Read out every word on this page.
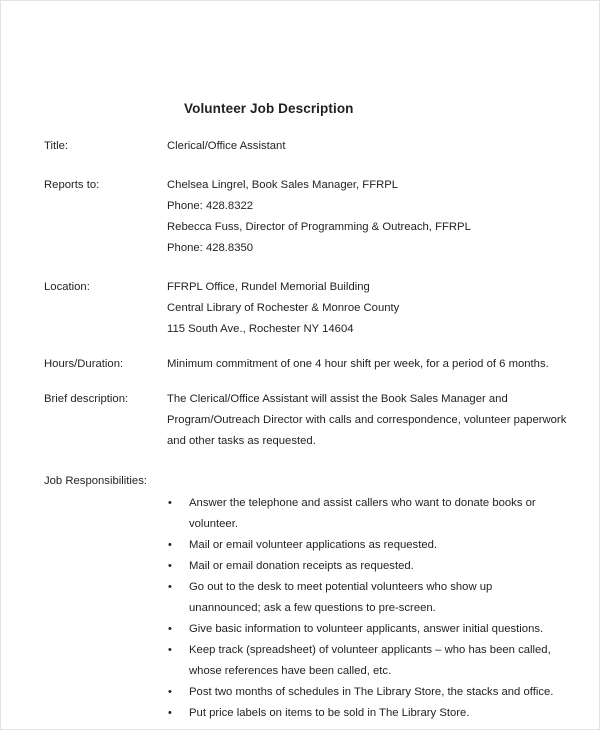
Volunteer Job Description
Title:	Clerical/Office Assistant
Reports to:	Chelsea Lingrel, Book Sales Manager, FFRPL
Phone: 428.8322
Rebecca Fuss, Director of Programming & Outreach, FFRPL
Phone: 428.8350
Location:	FFRPL Office, Rundel Memorial Building
Central Library of Rochester & Monroe County
115 South Ave., Rochester NY 14604
Hours/Duration:	Minimum commitment of one 4 hour shift per week, for a period of 6 months.
Brief description:	The Clerical/Office Assistant will assist the Book Sales Manager and Program/Outreach Director with calls and correspondence, volunteer paperwork and other tasks as requested.
Job Responsibilities:
• Answer the telephone and assist callers who want to donate books or volunteer.
• Mail or email volunteer applications as requested.
• Mail or email donation receipts as requested.
• Go out to the desk to meet potential volunteers who show up unannounced; ask a few questions to pre-screen.
• Give basic information to volunteer applicants, answer initial questions.
• Keep track (spreadsheet) of volunteer applicants – who has been called, whose references have been called, etc.
• Post two months of schedules in The Library Store, the stacks and office.
• Put price labels on items to be sold in The Library Store.
